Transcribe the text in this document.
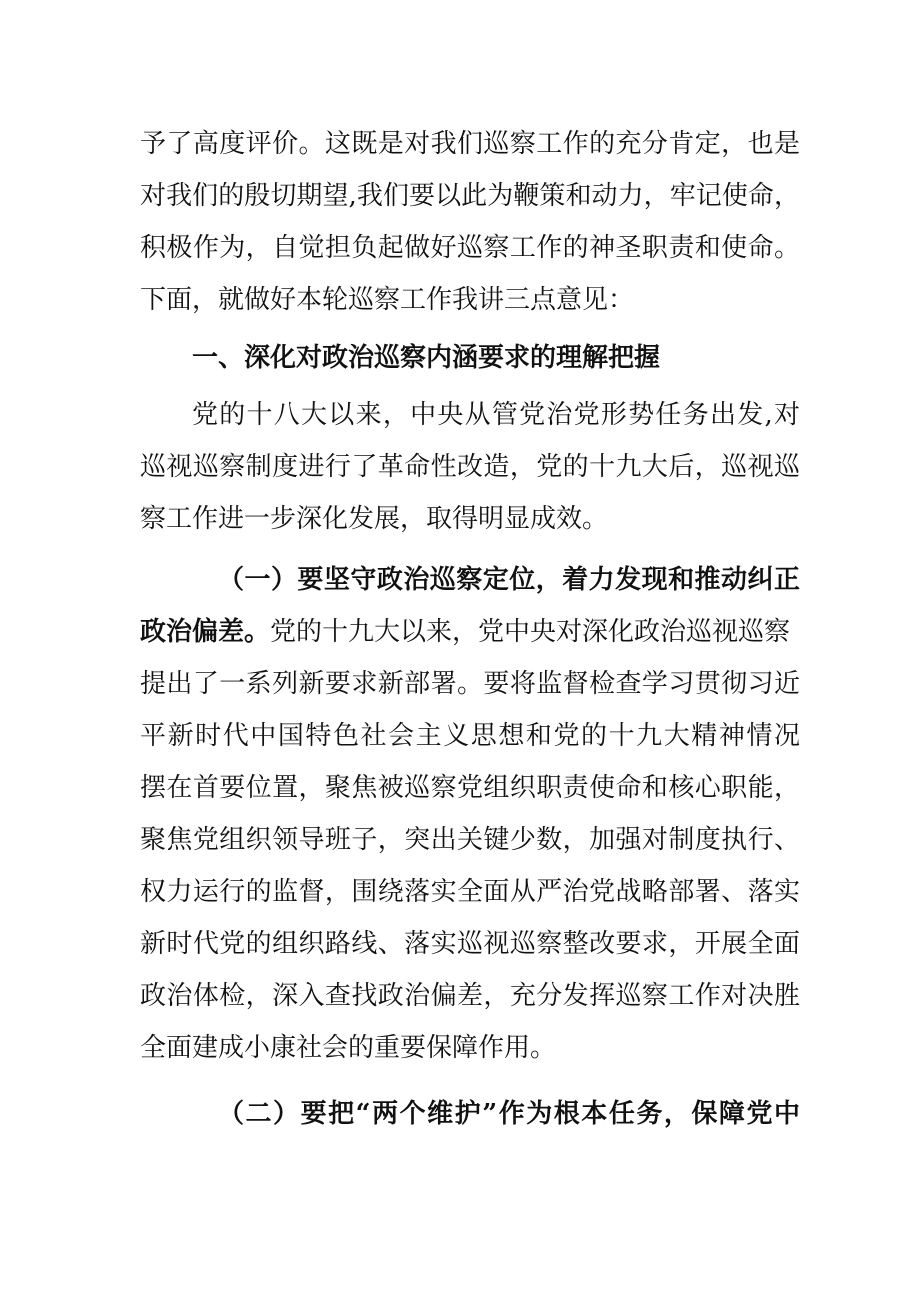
予了高度评价。这既是对我们巡察工作的充分肯定，也是
对我们的殷切期望,我们要以此为鞭策和动力，牢记使命，
积极作为，自觉担负起做好巡察工作的神圣职责和使命。
下面，就做好本轮巡察工作我讲三点意见：
一、深化对政治巡察内涵要求的理解把握
党的十八大以来，中央从管党治党形势任务出发,对
巡视巡察制度进行了革命性改造，党的十九大后，巡视巡
察工作进一步深化发展，取得明显成效。
（一）要坚守政治巡察定位，着力发现和推动纠正
政治偏差。党的十九大以来，党中央对深化政治巡视巡察
提出了一系列新要求新部署。要将监督检查学习贯彻习近
平新时代中国特色社会主义思想和党的十九大精神情况
摆在首要位置，聚焦被巡察党组织职责使命和核心职能，
聚焦党组织领导班子，突出关键少数，加强对制度执行、
权力运行的监督，围绕落实全面从严治党战略部署、落实
新时代党的组织路线、落实巡视巡察整改要求，开展全面
政治体检，深入查找政治偏差，充分发挥巡察工作对决胜
全面建成小康社会的重要保障作用。
（二）要把“两个维护”作为根本任务，保障党中
